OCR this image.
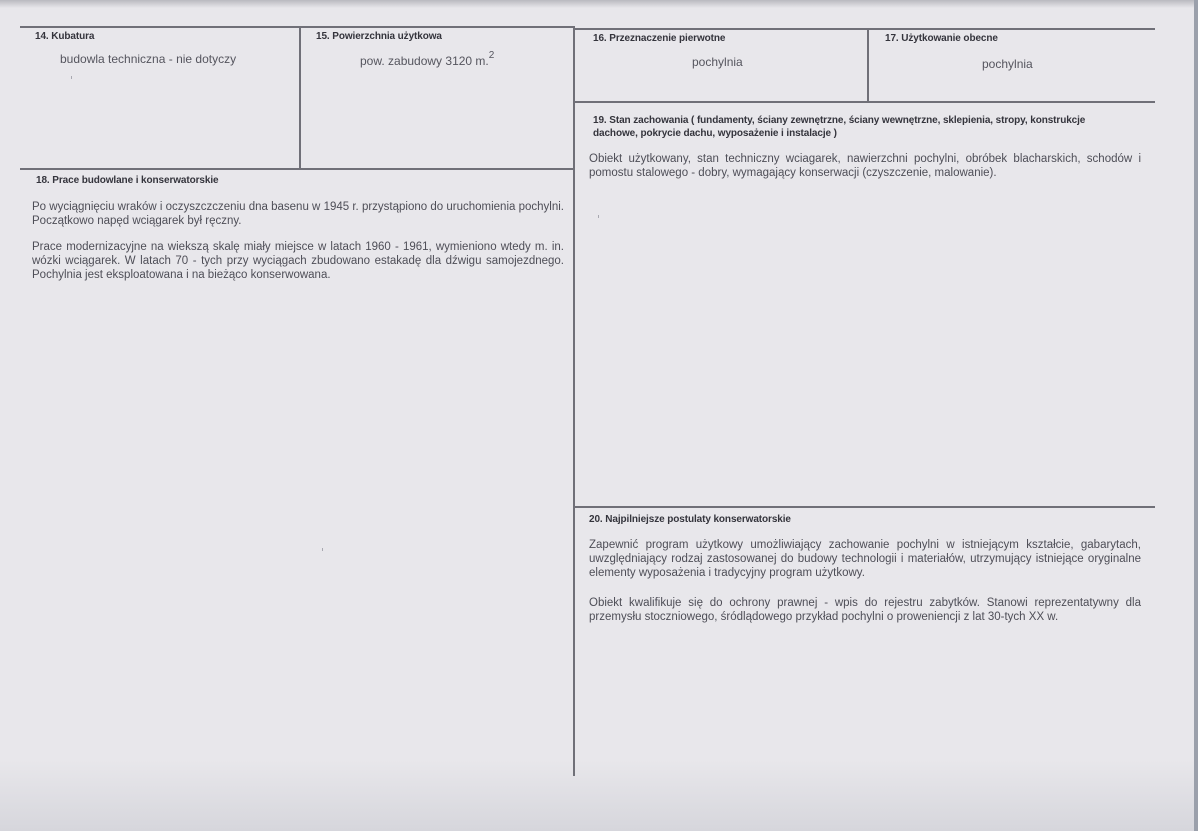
14. Kubatura
budowla techniczna - nie dotyczy
15. Powierzchnia użytkowa
pow. zabudowy 3120 m.$^2$
16. Przeznaczenie pierwotne
pochylnia
17. Użytkowanie obecne
pochylnia
19. Stan zachowania ( fundamenty, ściany zewnętrzne, ściany wewnętrzne, sklepienia, stropy, konstrukcje dachowe, pokrycie dachu, wyposażenie i instalacje )

Obiekt użytkowany, stan techniczny wciagarek, nawierzchni pochylni, obróbek blacharskich, schodów i pomostu stalowego - dobry, wymagający konserwacji (czyszczenie, malowanie).

18. Prace budowlane i konserwatorskie

Po wyciągnięciu wraków i oczyszczczeniu dna basenu w 1945 r. przystąpiono do uruchomienia pochylni. Początkowo napęd wciągarek był ręczny.

Prace modernizacyjne na wiekszą skalę miały miejsce w latach 1960 - 1961, wymieniono wtedy m. in. wózki wciągarek. W latach 70 - tych przy wyciągach zbudowano estakadę dla dźwigu samojezdnego. Pochylnia jest eksploatowana i na bieżąco konserwowana.

20. Najpilniejsze postulaty konserwatorskie

Zapewnić program użytkowy umożliwiający zachowanie pochylni w istniejącym kształcie, gabarytach, uwzględniający rodzaj zastosowanej do budowy technologii i materiałów, utrzymujący istniejące oryginalne elementy wyposażenia i tradycyjny program użytkowy.

Obiekt kwalifikuje się do ochrony prawnej - wpis do rejestru zabytków. Stanowi reprezentatywny dla przemysłu stoczniowego, śródlądowego przykład pochylni o proweniencji z lat 30-tych XX w.
